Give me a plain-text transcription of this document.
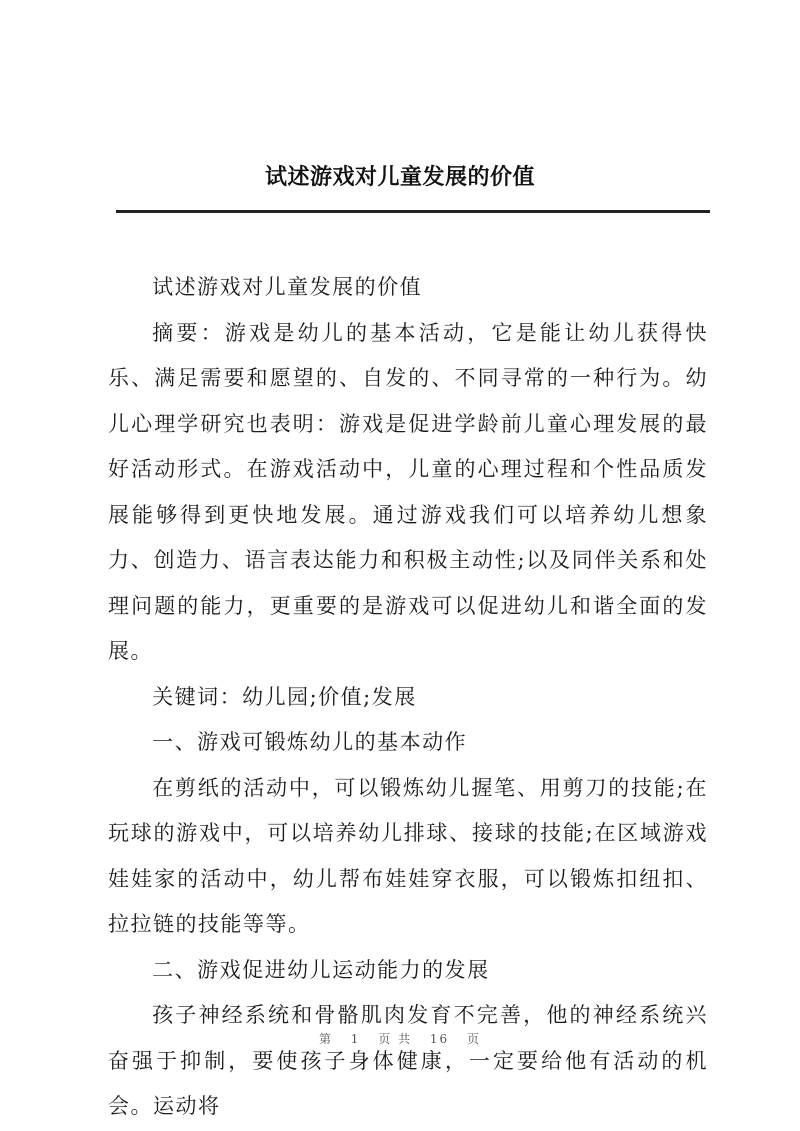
试述游戏对儿童发展的价值

试述游戏对儿童发展的价值

摘要：游戏是幼儿的基本活动，它是能让幼儿获得快乐、满足需要和愿望的、自发的、不同寻常的一种行为。幼儿心理学研究也表明：游戏是促进学龄前儿童心理发展的最好活动形式。在游戏活动中，儿童的心理过程和个性品质发展能够得到更快地发展。通过游戏我们可以培养幼儿想象力、创造力、语言表达能力和积极主动性;以及同伴关系和处理问题的能力，更重要的是游戏可以促进幼儿和谐全面的发展。

关键词：幼儿园;价值;发展

一、游戏可锻炼幼儿的基本动作

在剪纸的活动中，可以锻炼幼儿握笔、用剪刀的技能;在玩球的游戏中，可以培养幼儿排球、接球的技能;在区域游戏娃娃家的活动中，幼儿帮布娃娃穿衣服，可以锻炼扣纽扣、拉拉链的技能等等。

二、游戏促进幼儿运动能力的发展

孩子神经系统和骨骼肌肉发育不完善，他的神经系统兴奋强于抑制，要使孩子身体健康，一定要给他有活动的机会。运动将

第 1 页 共 16 页
